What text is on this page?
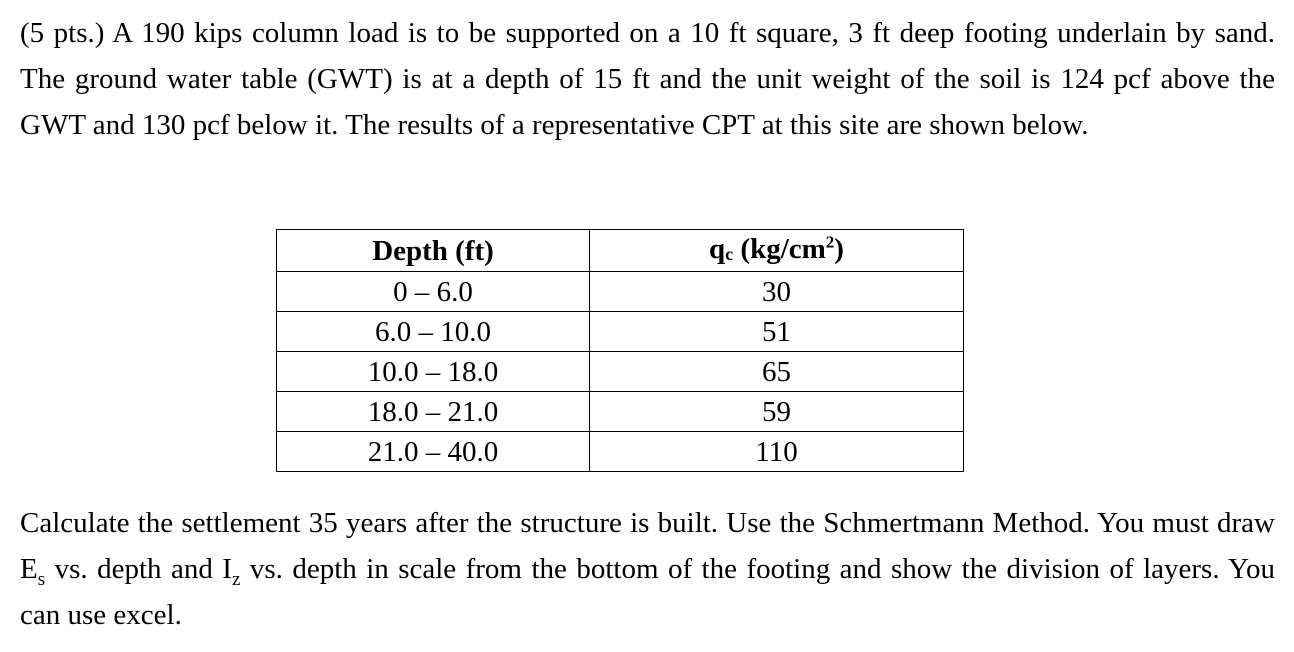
(5 pts.) A 190 kips column load is to be supported on a 10 ft square, 3 ft deep footing underlain by sand. The ground water table (GWT) is at a depth of 15 ft and the unit weight of the soil is 124 pcf above the GWT and 130 pcf below it. The results of a representative CPT at this site are shown below.

Depth (ft)	$q_c$ $(kg/cm^2)$
0 – 6.0	30
6.0 – 10.0	51
10.0 – 18.0	65
18.0 – 21.0	59
21.0 – 40.0	110

Calculate the settlement 35 years after the structure is built. Use the Schmertmann Method. You must draw $E_s$ vs. depth and $I_z$ vs. depth in scale from the bottom of the footing and show the division of layers. You can use excel.
